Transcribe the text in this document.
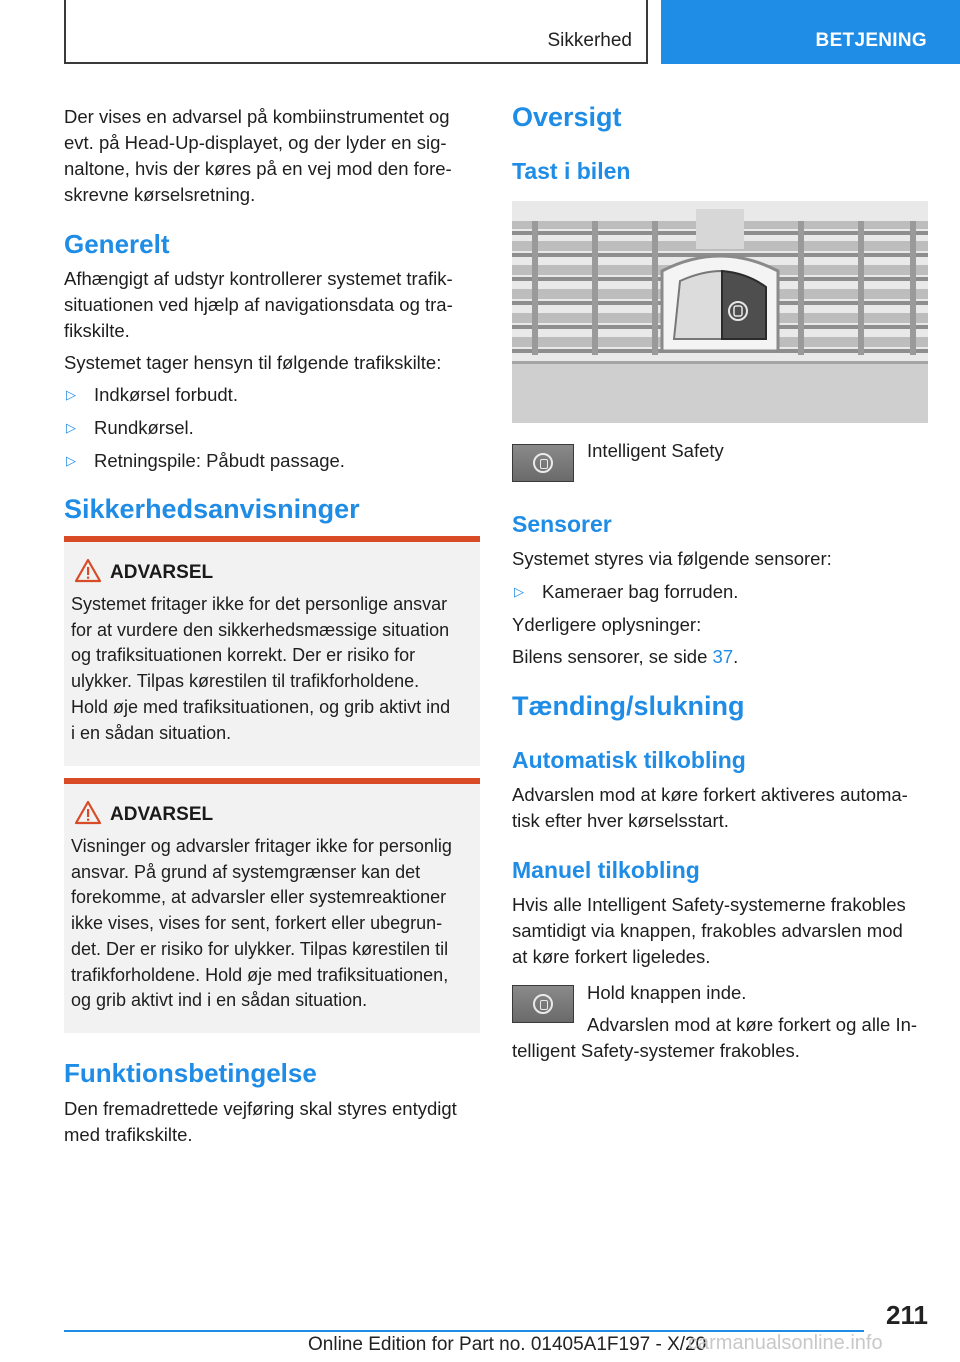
Sikkerhed	BETJENING
Der vises en advarsel på kombiinstrumentet og
evt. på Head-Up-displayet, og der lyder en sig-
naltone, hvis der køres på en vej mod den fore-
skrevne kørselsretning.
Generelt
Afhængigt af udstyr kontrollerer systemet trafik-
situationen ved hjælp af navigationsdata og tra-
fikskilte.
Systemet tager hensyn til følgende trafikskilte:
▷ Indkørsel forbudt.
▷ Rundkørsel.
▷ Retningspile: Påbudt passage.
Sikkerhedsanvisninger
ADVARSEL
Systemet fritager ikke for det personlige ansvar
for at vurdere den sikkerhedsmæssige situation
og trafiksituationen korrekt. Der er risiko for
ulykker. Tilpas kørestilen til trafikforholdene.
Hold øje med trafiksituationen, og grib aktivt ind
i en sådan situation.
ADVARSEL
Visninger og advarsler fritager ikke for personlig
ansvar. På grund af systemgrænser kan det
forekomme, at advarsler eller systemreaktioner
ikke vises, vises for sent, forkert eller ubegrun-
det. Der er risiko for ulykker. Tilpas kørestilen til
trafikforholdene. Hold øje med trafiksituationen,
og grib aktivt ind i en sådan situation.
Funktionsbetingelse
Den fremadrettede vejføring skal styres entydigt
med trafikskilte.
Oversigt
Tast i bilen
Intelligent Safety
Sensorer
Systemet styres via følgende sensorer:
▷ Kameraer bag forruden.
Yderligere oplysninger:
Bilens sensorer, se side 37.
Tænding/slukning
Automatisk tilkobling
Advarslen mod at køre forkert aktiveres automa-
tisk efter hver kørselsstart.
Manuel tilkobling
Hvis alle Intelligent Safety-systemerne frakobles
samtidigt via knappen, frakobles advarslen mod
at køre forkert ligeledes.
Hold knappen inde.
Advarslen mod at køre forkert og alle In-
telligent Safety-systemer frakobles.
211
Online Edition for Part no. 01405A1F197 - X/20
carmanualsonline.info
